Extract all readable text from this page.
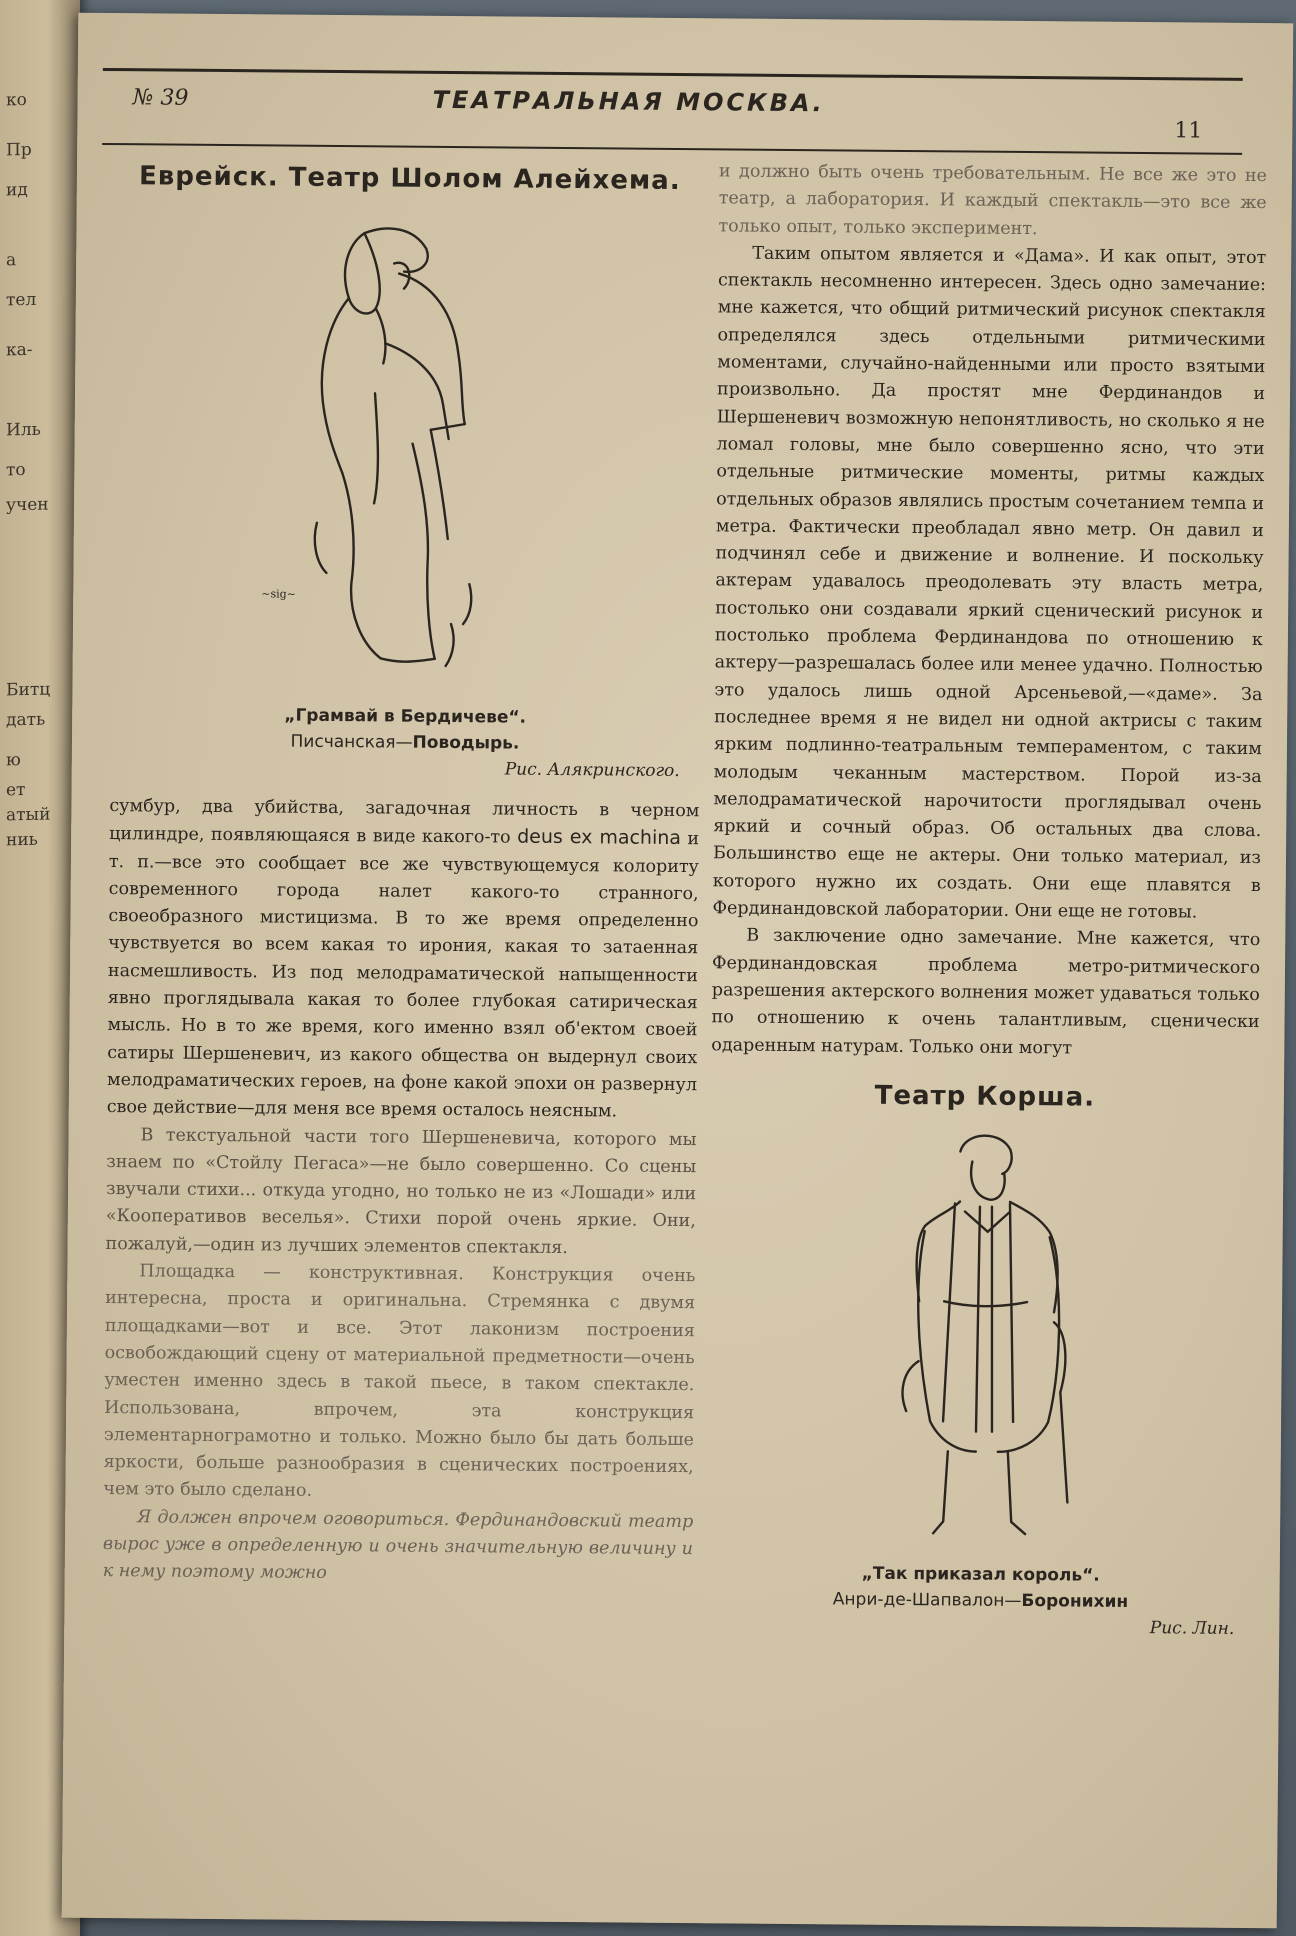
ко
Пр
ид
а
тел
ка-
Иль
то
учен
Битц
дать
ю
ет
атый
ниь
№ 39	ТЕАТРАЛЬНАЯ МОСКВА.
11
Еврейск. Театр Шолом Алейхема.
~sig~
„Грамвай в Бердичеве“.
Писчанская—Поводырь.
Рис. Алякринского.

сумбур, два убийства, загадочная личность в черном цилиндре, появляющаяся в виде какого-то deus ex machina и т. п.—все это сообщает все же чувствующемуся колориту современного города налет какого-то странного, своеобразного мистицизма. В то же время определенно чувствуется во всем какая то ирония, какая то затаенная насмешливость. Из под мелодраматической напыщенности явно проглядывала какая то более глубокая сатирическая мысль. Но в то же время, кого именно взял об'ектом своей сатиры Шершеневич, из какого общества он выдернул своих мелодраматических героев, на фоне какой эпохи он развернул свое действие—для меня все время осталось неясным.

В текстуальной части того Шершеневича, которого мы знаем по «Стойлу Пегаса»—не было совершенно. Со сцены звучали стихи... откуда угодно, но только не из «Лошади» или «Кооперативов веселья». Стихи порой очень яркие. Они, пожалуй,—один из лучших элементов спектакля.

Площадка — конструктивная. Конструкция очень интересна, проста и оригинальна. Стремянка с двумя площадками—вот и все. Этот лаконизм построения освобождающий сцену от материальной предметности—очень уместен именно здесь в такой пьесе, в таком спектакле. Использована, впрочем, эта конструкция элементарнограмотно и только. Можно было бы дать больше яркости, больше разнообразия в сценических построениях, чем это было сделано.

Я должен впрочем оговориться. Фердинандовский театр вырос уже в определенную и очень значительную величину и к нему поэтому можно

и должно быть очень требовательным. Не все же это не театр, а лаборатория. И каждый спектакль—это все же только опыт, только эксперимент.

Таким опытом является и «Дама». И как опыт, этот спектакль несомненно интересен. Здесь одно замечание: мне кажется, что общий ритмический рисунок спектакля определялся здесь отдельными ритмическими моментами, случайно-найденными или просто взятыми произвольно. Да простят мне Фердинандов и Шершеневич возможную непонятливость, но сколько я не ломал головы, мне было совершенно ясно, что эти отдельные ритмические моменты, ритмы каждых отдельных образов являлись простым сочетанием темпа и метра. Фактически преобладал явно метр. Он давил и подчинял себе и движение и волнение. И поскольку актерам удавалось преодолевать эту власть метра, постолько они создавали яркий сценический рисунок и постолько проблема Фердинандова по отношению к актеру—разрешалась более или менее удачно. Полностью это удалось лишь одной Арсеньевой,—«даме». За последнее время я не видел ни одной актрисы с таким ярким подлинно-театральным темпераментом, с таким молодым чеканным мастерством. Порой из-за мелодраматической нарочитости проглядывал очень яркий и сочный образ. Об остальных два слова. Большинство еще не актеры. Они только материал, из которого нужно их создать. Они еще плавятся в Фердинандовской лаборатории. Они еще не готовы.

В заключение одно замечание. Мне кажется, что Фердинандовская проблема метро-ритмического разрешения актерского волнения может удаваться только по отношению к очень талантливым, сценически одаренным натурам. Только они могут

Театр Корша.
„Так приказал король“.
Анри-де-Шапвалон—Боронихин
Рис. Лин.
